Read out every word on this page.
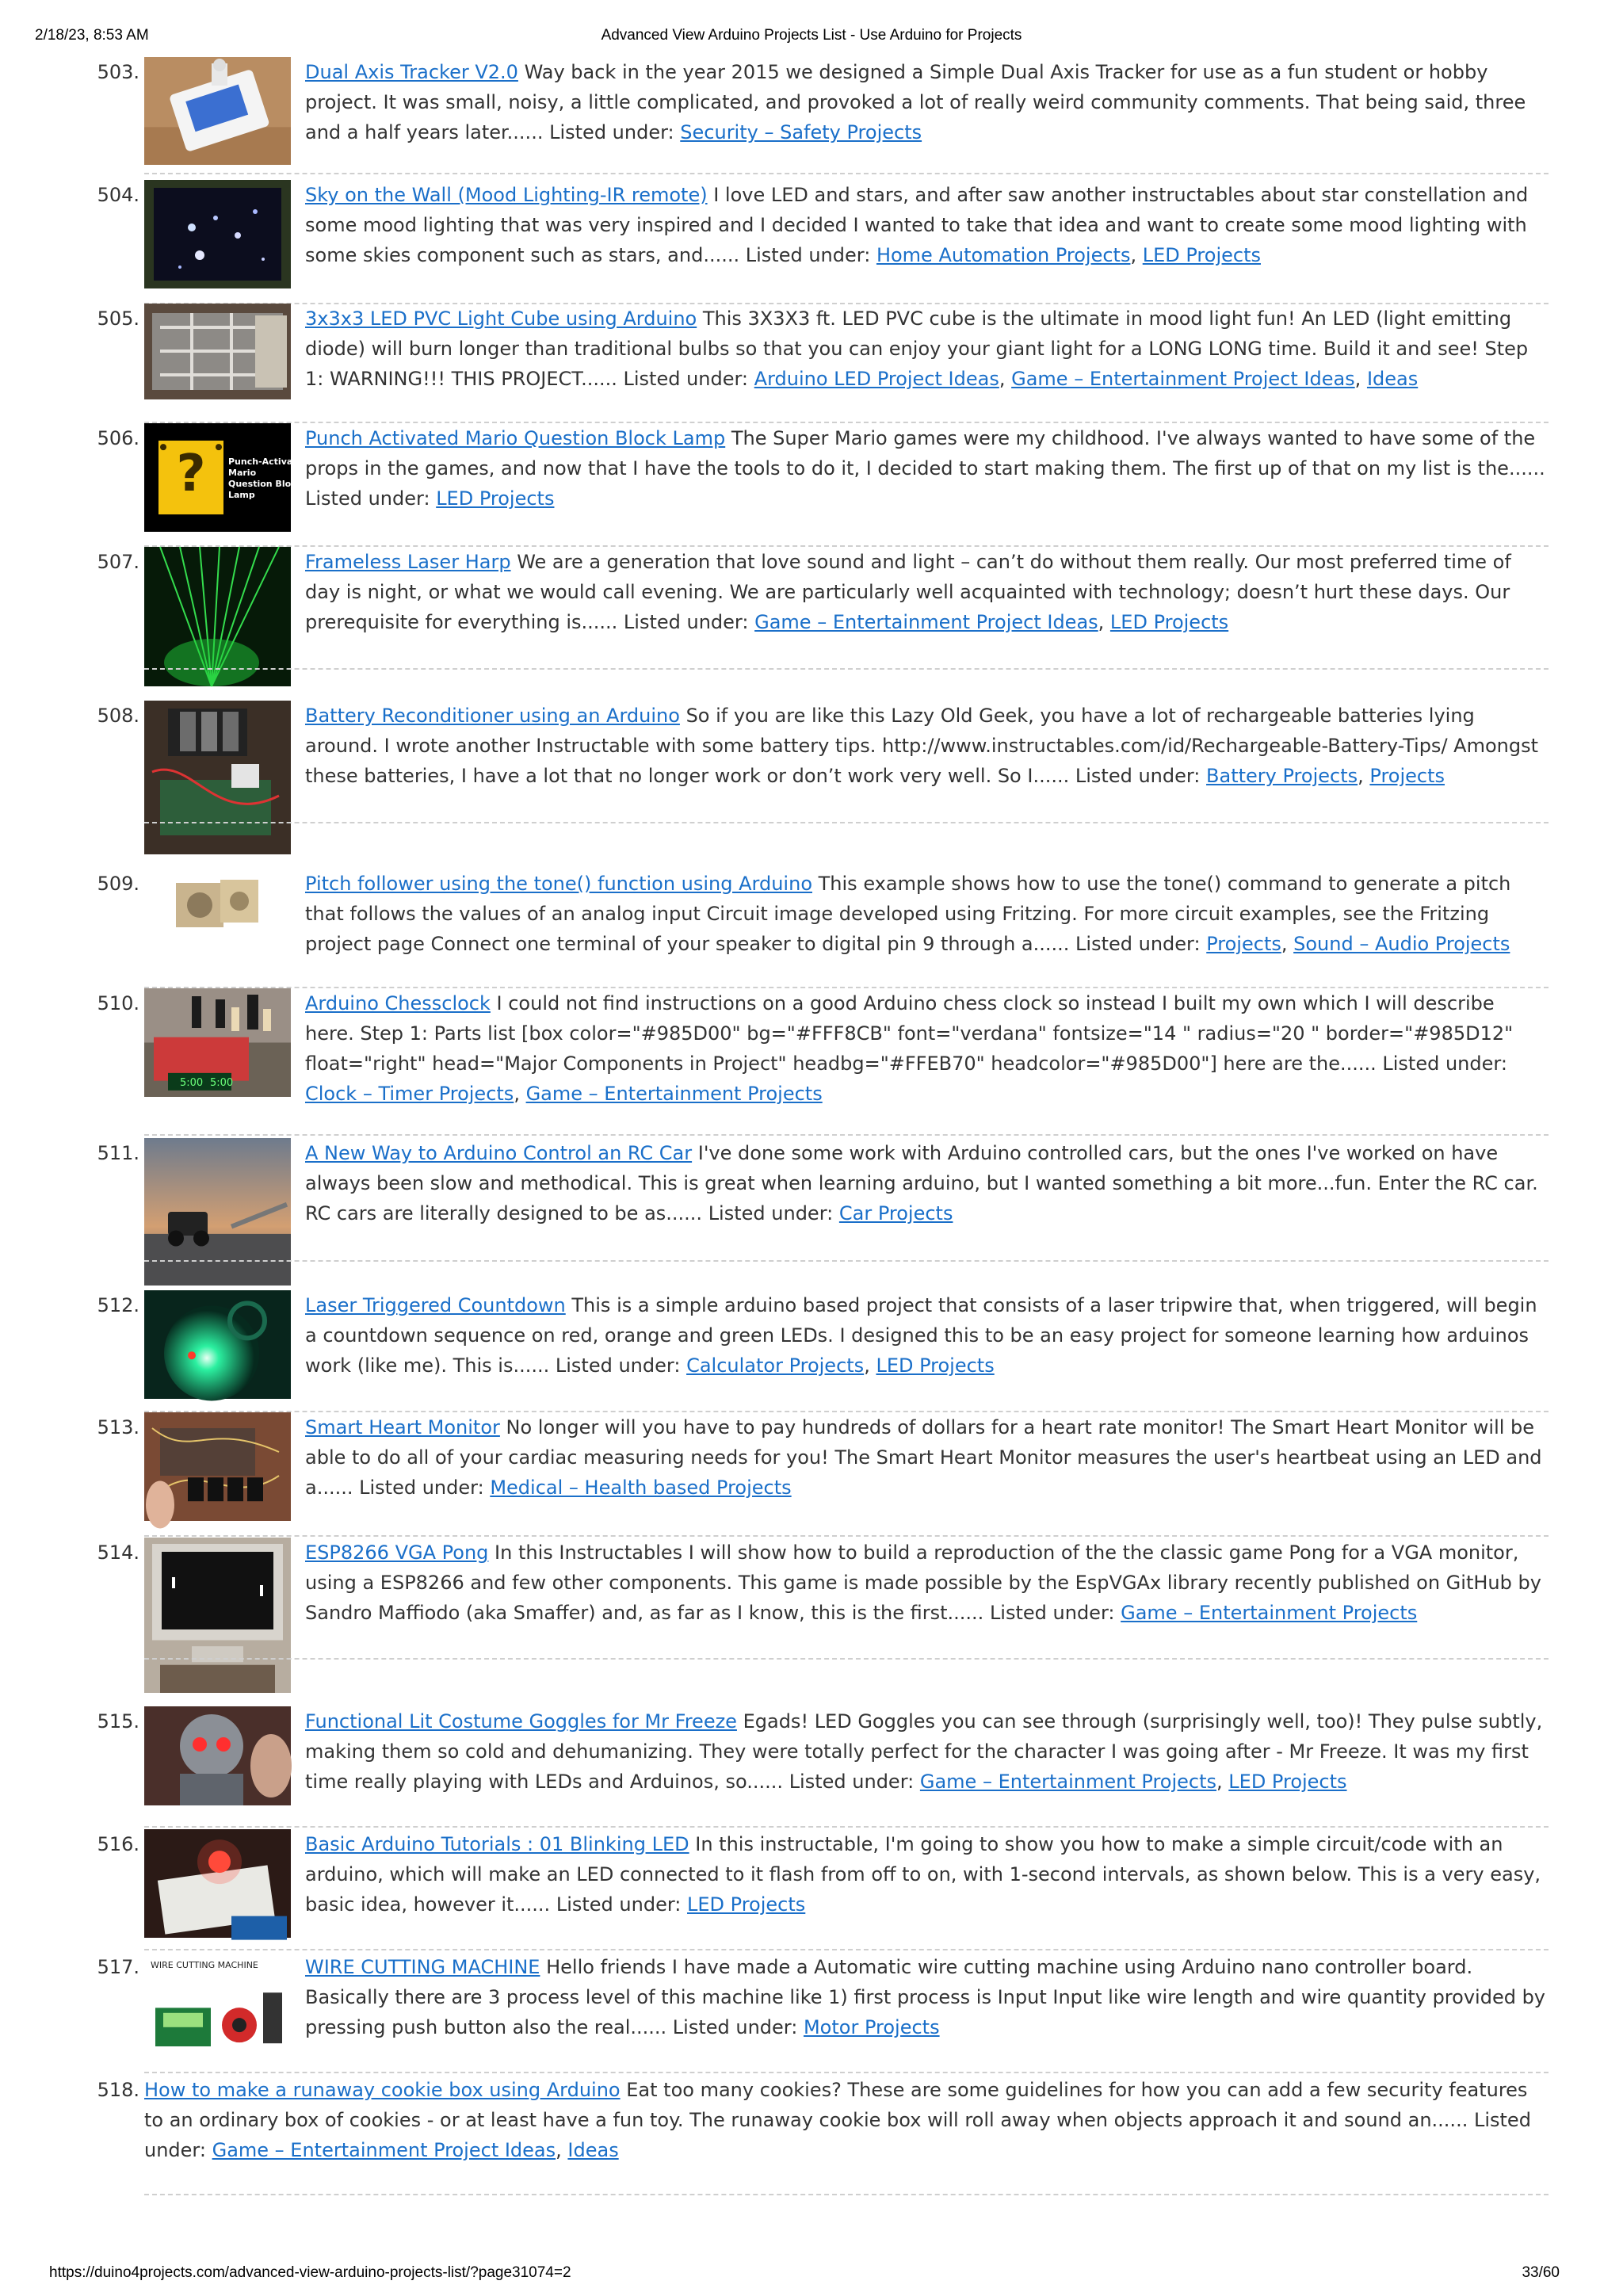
2/18/23, 8:53 AM	Advanced View Arduino Projects List - Use Arduino for Projects
503.	Dual Axis Tracker V2.0 Way back in the year 2015 we designed a Simple Dual Axis Tracker for use as a fun student or hobby project. It was small, noisy, a little complicated, and provoked a lot of really weird community comments. That being said, three and a half years later...... Listed under: Security – Safety Projects
504.	Sky on the Wall (Mood Lighting-IR remote) I love LED and stars, and after saw another instructables about star constellation and some mood lighting that was very inspired and I decided I wanted to take that idea and want to create some mood lighting with some skies component such as stars, and...... Listed under: Home Automation Projects, LED Projects
505.	3x3x3 LED PVC Light Cube using Arduino This 3X3X3 ft. LED PVC cube is the ultimate in mood light fun! An LED (light emitting diode) will burn longer than traditional bulbs so that you can enjoy your giant light for a LONG LONG time. Build it and see! Step 1: WARNING!!! THIS PROJECT...... Listed under: Arduino LED Project Ideas, Game – Entertainment Project Ideas, Ideas
506.
?	Punch-Activated
Mario
Question Block
Lamp
Punch Activated Mario Question Block Lamp The Super Mario games were my childhood. I've always wanted to have some of the props in the games, and now that I have the tools to do it, I decided to start making them. The first up of that on my list is the...... Listed under: LED Projects
507.	Frameless Laser Harp We are a generation that love sound and light – can’t do without them really. Our most preferred time of day is night, or what we would call evening. We are particularly well acquainted with technology; doesn’t hurt these days. Our prerequisite for everything is...... Listed under: Game – Entertainment Project Ideas, LED Projects
508.	Battery Reconditioner using an Arduino So if you are like this Lazy Old Geek, you have a lot of rechargeable batteries lying around. I wrote another Instructable with some battery tips. http://www.instructables.com/id/Rechargeable-Battery-Tips/ Amongst these batteries, I have a lot that no longer work or don’t work very well. So I...... Listed under: Battery Projects, Projects
509.	Pitch follower using the tone() function using Arduino This example shows how to use the tone() command to generate a pitch that follows the values of an analog input Circuit image developed using Fritzing. For more circuit examples, see the Fritzing project page Connect one terminal of your speaker to digital pin 9 through a...... Listed under: Projects, Sound – Audio Projects
510.
5:00 5:00
Arduino Chessclock I could not find instructions on a good Arduino chess clock so instead I built my own which I will describe here. Step 1: Parts list [box color="#985D00" bg="#FFF8CB" font="verdana" fontsize="14 " radius="20 " border="#985D12" float="right" head="Major Components in Project" headbg="#FFEB70" headcolor="#985D00"] here are the...... Listed under: Clock – Timer Projects, Game – Entertainment Projects
511.	A New Way to Arduino Control an RC Car I've done some work with Arduino controlled cars, but the ones I've worked on have always been slow and methodical. This is great when learning arduino, but I wanted something a bit more...fun. Enter the RC car. RC cars are literally designed to be as...... Listed under: Car Projects
512.	Laser Triggered Countdown This is a simple arduino based project that consists of a laser tripwire that, when triggered, will begin a countdown sequence on red, orange and green LEDs. I designed this to be an easy project for someone learning how arduinos work (like me). This is...... Listed under: Calculator Projects, LED Projects
513.	Smart Heart Monitor No longer will you have to pay hundreds of dollars for a heart rate monitor! The Smart Heart Monitor will be able to do all of your cardiac measuring needs for you! The Smart Heart Monitor measures the user's heartbeat using an LED and a...... Listed under: Medical – Health based Projects
514.	ESP8266 VGA Pong In this Instructables I will show how to build a reproduction of the the classic game Pong for a VGA monitor, using a ESP8266 and few other components. This game is made possible by the EspVGAx library recently published on GitHub by Sandro Maffiodo (aka Smaffer) and, as far as I know, this is the first...... Listed under: Game – Entertainment Projects
515.	Functional Lit Costume Goggles for Mr Freeze Egads! LED Goggles you can see through (surprisingly well, too)! They pulse subtly, making them so cold and dehumanizing. They were totally perfect for the character I was going after - Mr Freeze. It was my first time really playing with LEDs and Arduinos, so...... Listed under: Game – Entertainment Projects, LED Projects
516.	Basic Arduino Tutorials : 01 Blinking LED In this instructable, I'm going to show you how to make a simple circuit/code with an arduino, which will make an LED connected to it flash from off to on, with 1-second intervals, as shown below. This is a very easy, basic idea, however it...... Listed under: LED Projects
517. WIRE CUTTING MACHINE WIRE CUTTING MACHINE Hello friends I have made a Automatic wire cutting machine using Arduino nano controller board. Basically there are 3 process level of this machine like 1) first process is Input Input like wire length and wire quantity provided by pressing push button also the real...... Listed under: Motor Projects
518. How to make a runaway cookie box using Arduino Eat too many cookies? These are some guidelines for how you can add a few security features to an ordinary box of cookies - or at least have a fun toy. The runaway cookie box will roll away when objects approach it and sound an...... Listed under: Game – Entertainment Project Ideas, Ideas
https://duino4projects.com/advanced-view-arduino-projects-list/?page31074=2	33/60
